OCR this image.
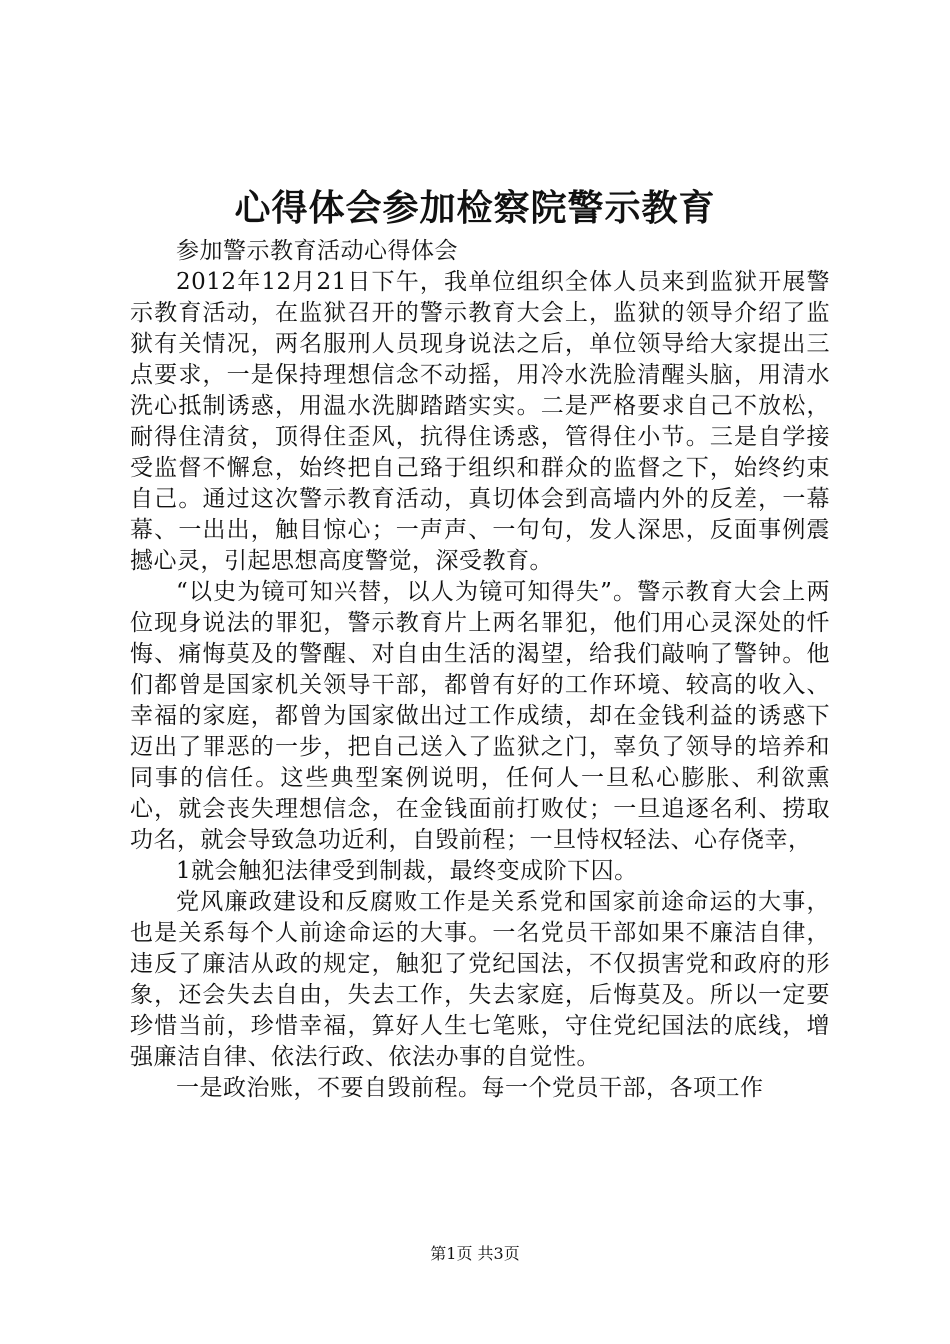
心得体会参加检察院警示教育

参加警示教育活动心得体会

2012年12月21日下午，我单位组织全体人员来到监狱开展警示教育活动，在监狱召开的警示教育大会上，监狱的领导介绍了监狱有关情况，两名服刑人员现身说法之后，单位领导给大家提出三点要求，一是保持理想信念不动摇，用冷水洗脸清醒头脑，用清水洗心抵制诱惑，用温水洗脚踏踏实实。二是严格要求自己不放松，耐得住清贫，顶得住歪风，抗得住诱惑，管得住小节。三是自学接受监督不懈怠，始终把自己臵于组织和群众的监督之下，始终约束自己。通过这次警示教育活动，真切体会到高墙内外的反差，一幕幕、一出出，触目惊心；一声声、一句句，发人深思，反面事例震撼心灵，引起思想高度警觉，深受教育。

“以史为镜可知兴替，以人为镜可知得失”。警示教育大会上两位现身说法的罪犯，警示教育片上两名罪犯，他们用心灵深处的忏悔、痛悔莫及的警醒、对自由生活的渴望，给我们敲响了警钟。他们都曾是国家机关领导干部，都曾有好的工作环境、较高的收入、幸福的家庭，都曾为国家做出过工作成绩，却在金钱利益的诱惑下迈出了罪恶的一步，把自己送入了监狱之门，辜负了领导的培养和同事的信任。这些典型案例说明，任何人一旦私心膨胀、利欲熏心，就会丧失理想信念，在金钱面前打败仗；一旦追逐名利、捞取功名，就会导致急功近利，自毁前程；一旦恃权轻法、心存侥幸，

1就会触犯法律受到制裁，最终变成阶下囚。

党风廉政建设和反腐败工作是关系党和国家前途命运的大事，也是关系每个人前途命运的大事。一名党员干部如果不廉洁自律，违反了廉洁从政的规定，触犯了党纪国法，不仅损害党和政府的形象，还会失去自由，失去工作，失去家庭，后悔莫及。所以一定要珍惜当前，珍惜幸福，算好人生七笔账，守住党纪国法的底线，增强廉洁自律、依法行政、依法办事的自觉性。

一是政治账，不要自毁前程。每一个党员干部，各项工作

第1页 共3页
